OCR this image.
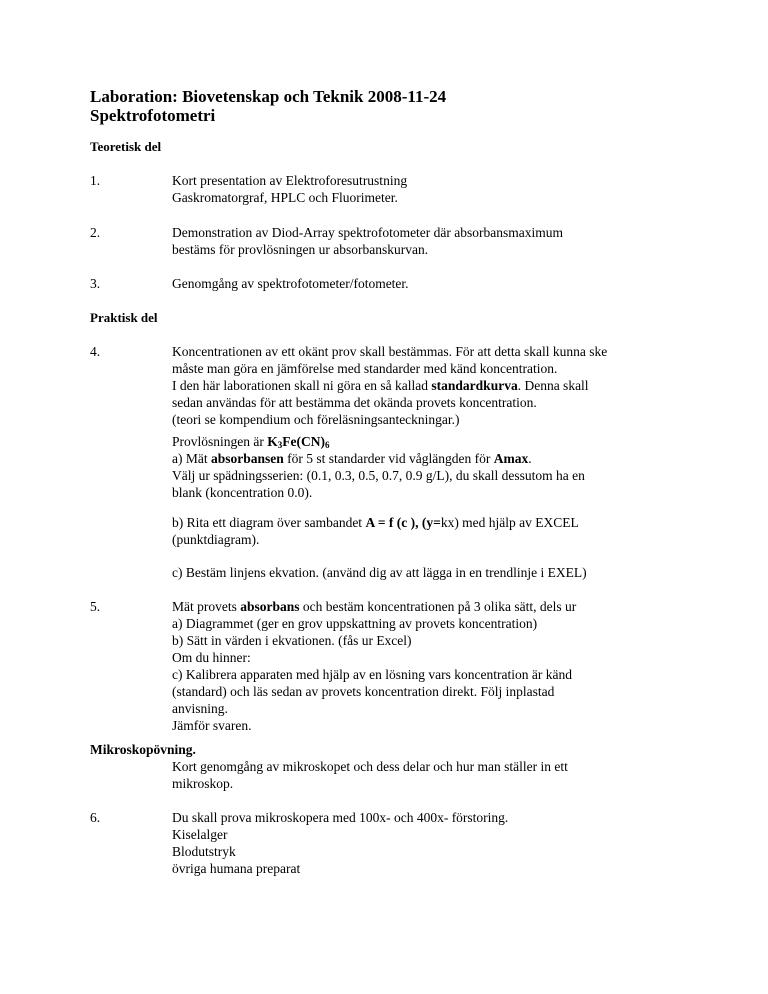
Laboration: Biovetenskap och Teknik 2008-11-24
Spektrofotometri
Teoretisk del
1.	Kort presentation av Elektroforesutrustning
Gaskromatorgraf, HPLC och Fluorimeter.
2.	Demonstration av Diod-Array spektrofotometer där absorbansmaximum
bestäms för provlösningen ur absorbanskurvan.
3.	Genomgång av spektrofotometer/fotometer.
Praktisk del
4.	Koncentrationen av ett okänt prov skall bestämmas. För att detta skall kunna ske
måste man göra en jämförelse med standarder med känd koncentration.
I den här laborationen skall ni göra en så kallad standardkurva. Denna skall
sedan användas för att bestämma det okända provets koncentration.
(teori se kompendium och föreläsningsanteckningar.)
Provlösningen är $K_3Fe(CN)_6$
a) Mät absorbansen för 5 st standarder vid våglängden för Amax.
Välj ur spädningsserien: (0.1, 0.3, 0.5, 0.7, 0.9 g/L), du skall dessutom ha en
blank (koncentration 0.0).
b) Rita ett diagram över sambandet A = f (c ), (y=kx) med hjälp av EXCEL
(punktdiagram).
c) Bestäm linjens ekvation. (använd dig av att lägga in en trendlinje i EXEL)
5.	Mät provets absorbans och bestäm koncentrationen på 3 olika sätt, dels ur
a) Diagrammet (ger en grov uppskattning av provets koncentration)
b) Sätt in värden i ekvationen. (fås ur Excel)
Om du hinner:
c) Kalibrera apparaten med hjälp av en lösning vars koncentration är känd
(standard) och läs sedan av provets koncentration direkt. Följ inplastad
anvisning.
Jämför svaren.
Mikroskopövning.
Kort genomgång av mikroskopet och dess delar och hur man ställer in ett
mikroskop.
6.	Du skall prova mikroskopera med 100x- och 400x- förstoring.
Kiselalger
Blodutstryk
övriga humana preparat
